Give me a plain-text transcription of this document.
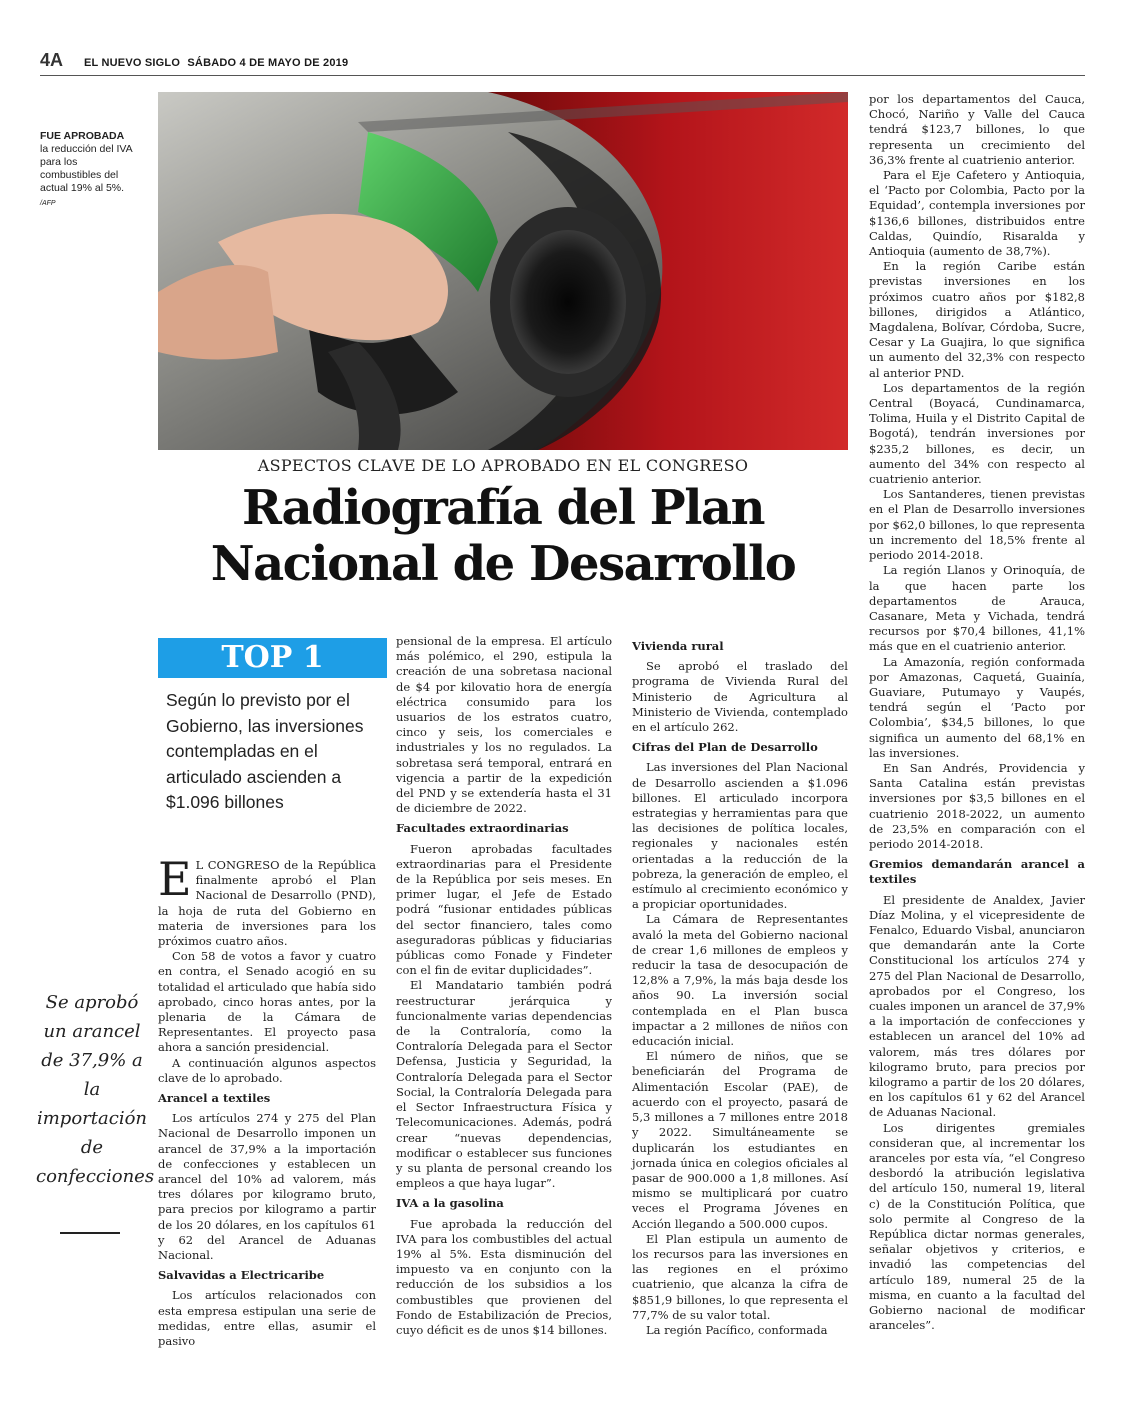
4A EL NUEVO SIGLO SÁBADO 4 DE MAYO DE 2019
FUE APROBADA
la reducción del IVA para los combustibles del actual 19% al 5%.
/AFP
ASPECTOS CLAVE DE LO APROBADO EN EL CONGRESO
Radiografía del Plan
Nacional de Desarrollo
TOP 1
Según lo previsto por el Gobierno, las inversiones contempladas en el articulado ascienden a $1.096 billones
Se aprobó un arancel de 37,9% a la importación de confecciones

E L CONGRESO de la República finalmente aprobó el Plan Nacional de Desarrollo (PND), la hoja de ruta del Gobierno en materia de inversiones para los próximos cuatro años.

Con 58 de votos a favor y cuatro en contra, el Senado acogió en su totalidad el articulado que había sido aprobado, cinco horas antes, por la plenaria de la Cámara de Representantes. El proyecto pasa ahora a sanción presidencial.

A continuación algunos aspectos clave de lo aprobado.

Arancel a textiles

Los artículos 274 y 275 del Plan Nacional de Desarrollo imponen un arancel de 37,9% a la importación de confecciones y establecen un arancel del 10% ad valorem, más tres dólares por kilogramo bruto, para precios por kilogramo a partir de los 20 dólares, en los capítulos 61 y 62 del Arancel de Aduanas Nacional.

Salvavidas a Electricaribe

Los artículos relacionados con esta empresa estipulan una serie de medidas, entre ellas, asumir el pasivo

pensional de la empresa. El artículo más polémico, el 290, estipula la creación de una sobretasa nacional de $4 por kilovatio hora de energía eléctrica consumido para los usuarios de los estratos cuatro, cinco y seis, los comerciales e industriales y los no regulados. La sobretasa será temporal, entrará en vigencia a partir de la expedición del PND y se extendería hasta el 31 de diciembre de 2022.

Facultades extraordinarias

Fueron aprobadas facultades extraordinarias para el Presidente de la República por seis meses. En primer lugar, el Jefe de Estado podrá “fusionar entidades públicas del sector financiero, tales como aseguradoras públicas y fiduciarias públicas como Fonade y Findeter con el fin de evitar duplicidades”.

El Mandatario también podrá reestructurar jerárquica y funcionalmente varias dependencias de la Contraloría, como la Contraloría Delegada para el Sector Defensa, Justicia y Seguridad, la Contraloría Delegada para el Sector Social, la Contraloría Delegada para el Sector Infraestructura Física y Telecomunicaciones. Además, podrá crear “nuevas dependencias, modificar o establecer sus funciones y su planta de personal creando los empleos a que haya lugar”.

IVA a la gasolina

Fue aprobada la reducción del IVA para los combustibles del actual 19% al 5%. Esta disminución del impuesto va en conjunto con la reducción de los subsidios a los combustibles que provienen del Fondo de Estabilización de Precios, cuyo déficit es de unos $14 billones.

Vivienda rural

Se aprobó el traslado del programa de Vivienda Rural del Ministerio de Agricultura al Ministerio de Vivienda, contemplado en el artículo 262.

Cifras del Plan de Desarrollo

Las inversiones del Plan Nacional de Desarrollo ascienden a $1.096 billones. El articulado incorpora estrategias y herramientas para que las decisiones de política locales, regionales y nacionales estén orientadas a la reducción de la pobreza, la generación de empleo, el estímulo al crecimiento económico y a propiciar oportunidades.

La Cámara de Representantes avaló la meta del Gobierno nacional de crear 1,6 millones de empleos y reducir la tasa de desocupación de 12,8% a 7,9%, la más baja desde los años 90. La inversión social contemplada en el Plan busca impactar a 2 millones de niños con educación inicial.

El número de niños, que se beneficiarán del Programa de Alimentación Escolar (PAE), de acuerdo con el proyecto, pasará de 5,3 millones a 7 millones entre 2018 y 2022. Simultáneamente se duplicarán los estudiantes en jornada única en colegios oficiales al pasar de 900.000 a 1,8 millones. Así mismo se multiplicará por cuatro veces el Programa Jóvenes en Acción llegando a 500.000 cupos.

El Plan estipula un aumento de los recursos para las inversiones en las regiones en el próximo cuatrienio, que alcanza la cifra de $851,9 billones, lo que representa el 77,7% de su valor total.

La región Pacífico, conformada

por los departamentos del Cauca, Chocó, Nariño y Valle del Cauca tendrá $123,7 billones, lo que representa un crecimiento del 36,3% frente al cuatrienio anterior.

Para el Eje Cafetero y Antioquia, el ‘Pacto por Colombia, Pacto por la Equidad’, contempla inversiones por $136,6 billones, distribuidos entre Caldas, Quindío, Risaralda y Antioquia (aumento de 38,7%).

En la región Caribe están previstas inversiones en los próximos cuatro años por $182,8 billones, dirigidos a Atlántico, Magdalena, Bolívar, Córdoba, Sucre, Cesar y La Guajira, lo que significa un aumento del 32,3% con respecto al anterior PND.

Los departamentos de la región Central (Boyacá, Cundinamarca, Tolima, Huila y el Distrito Capital de Bogotá), tendrán inversiones por $235,2 billones, es decir, un aumento del 34% con respecto al cuatrienio anterior.

Los Santanderes, tienen previstas en el Plan de Desarrollo inversiones por $62,0 billones, lo que representa un incremento del 18,5% frente al periodo 2014-2018.

La región Llanos y Orinoquía, de la que hacen parte los departamentos de Arauca, Casanare, Meta y Vichada, tendrá recursos por $70,4 billones, 41,1% más que en el cuatrienio anterior.

La Amazonía, región conformada por Amazonas, Caquetá, Guainía, Guaviare, Putumayo y Vaupés, tendrá según el ‘Pacto por Colombia’, $34,5 billones, lo que significa un aumento del 68,1% en las inversiones.

En San Andrés, Providencia y Santa Catalina están previstas inversiones por $3,5 billones en el cuatrienio 2018-2022, un aumento de 23,5% en comparación con el periodo 2014-2018.

Gremios demandarán arancel a textiles

El presidente de Analdex, Javier Díaz Molina, y el vicepresidente de Fenalco, Eduardo Visbal, anunciaron que demandarán ante la Corte Constitucional los artículos 274 y 275 del Plan Nacional de Desarrollo, aprobados por el Congreso, los cuales imponen un arancel de 37,9% a la importación de confecciones y establecen un arancel del 10% ad valorem, más tres dólares por kilogramo bruto, para precios por kilogramo a partir de los 20 dólares, en los capítulos 61 y 62 del Arancel de Aduanas Nacional.

Los dirigentes gremiales consideran que, al incrementar los aranceles por esta vía, “el Congreso desbordó la atribución legislativa del artículo 150, numeral 19, literal c) de la Constitución Política, que solo permite al Congreso de la República dictar normas generales, señalar objetivos y criterios, e invadió las competencias del artículo 189, numeral 25 de la misma, en cuanto a la facultad del Gobierno nacional de modificar aranceles”.
